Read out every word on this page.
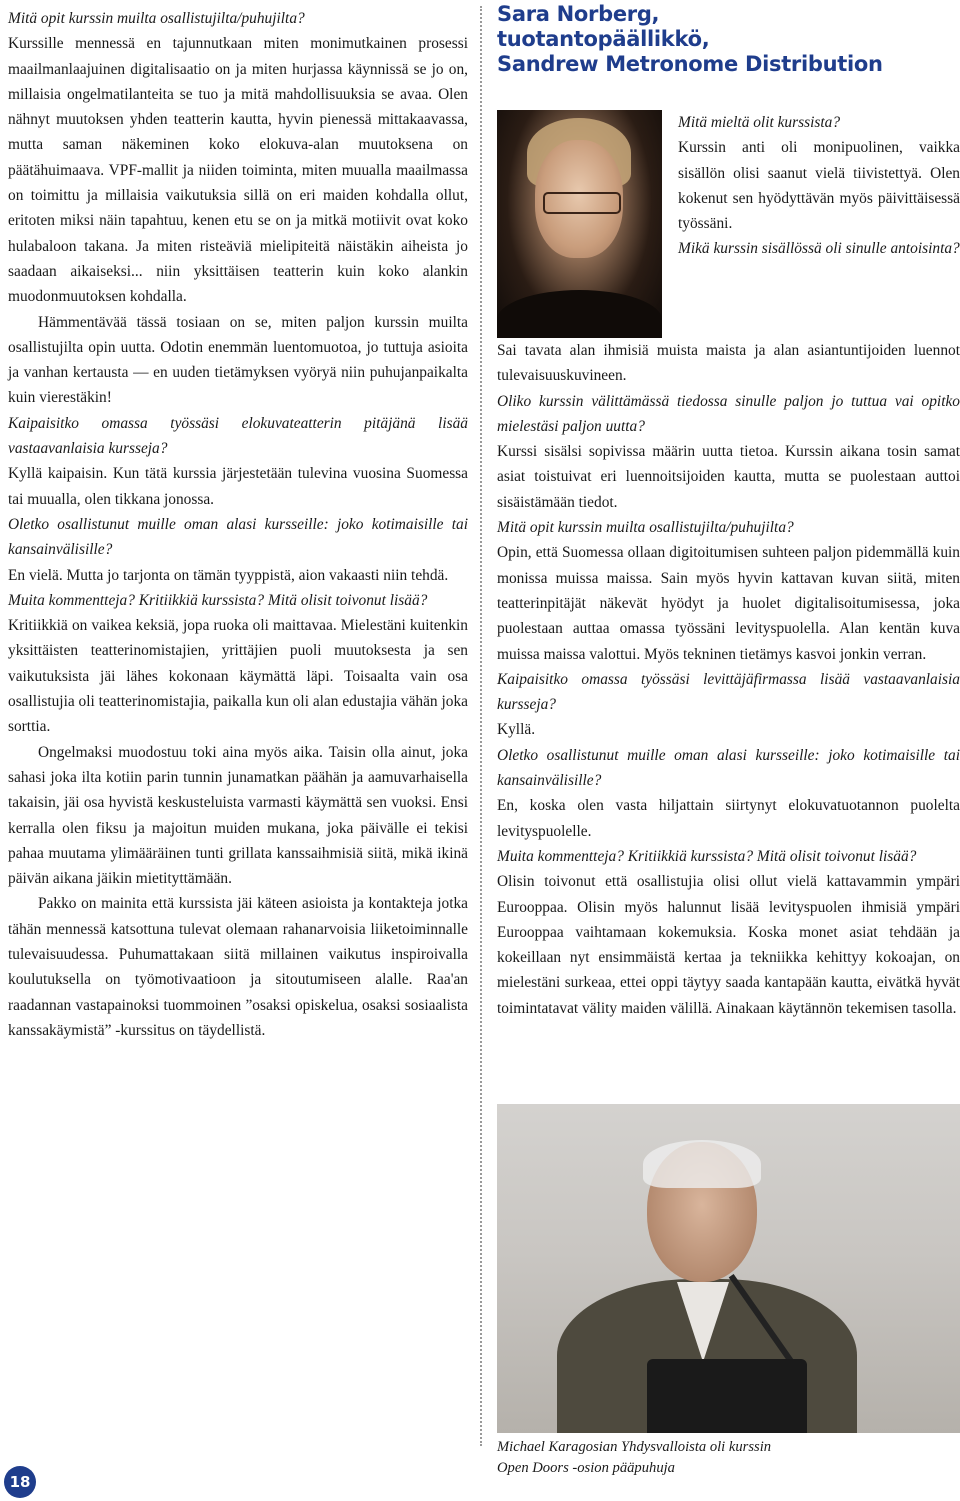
Mitä opit kurssin muilta osallistujilta/puhujilta?

Kurssille mennessä en tajunnutkaan miten monimutkainen prosessi maailmanlaajuinen digitalisaatio on ja miten hurjassa käynnissä se jo on, millaisia ongelmatilanteita se tuo ja mitä mahdollisuuksia se avaa. Olen nähnyt muutoksen yhden teatterin kautta, hyvin pienessä mittakaavassa, mutta saman näkeminen koko elokuva-alan muutoksena on päätähuimaava. VPF-mallit ja niiden toiminta, miten muualla maailmassa on toimittu ja millaisia vaikutuksia sillä on eri maiden kohdalla ollut, eritoten miksi näin tapahtuu, kenen etu se on ja mitkä motiivit ovat koko hulabaloon takana. Ja miten risteäviä mielipiteitä näistäkin aiheista jo saadaan aikaiseksi... niin yksittäisen teatterin kuin koko alankin muodonmuutoksen kohdalla.

Hämmentävää tässä tosiaan on se, miten paljon kurssin muilta osallistujilta opin uutta. Odotin enemmän luentomuotoa, jo tuttuja asioita ja vanhan kertausta — en uuden tietämyksen vyöryä niin puhujanpaikalta kuin vierestäkin!

Kaipaisitko omassa työssäsi elokuvateatterin pitäjänä lisää vastaavanlaisia kursseja?

Kyllä kaipaisin. Kun tätä kurssia järjestetään tulevina vuosina Suomessa tai muualla, olen tikkana jonossa.

Oletko osallistunut muille oman alasi kursseille: joko kotimaisille tai kansainvälisille?

En vielä. Mutta jo tarjonta on tämän tyyppistä, aion vakaasti niin tehdä.

Muita kommentteja? Kritiikkiä kurssista? Mitä olisit toivonut lisää?

Kritiikkiä on vaikea keksiä, jopa ruoka oli maittavaa. Mielestäni kuitenkin yksittäisten teatterinomistajien, yrittäjien puoli muutoksesta ja sen vaikutuksista jäi lähes kokonaan käymättä läpi. Toisaalta vain osa osallistujia oli teatterinomistajia, paikalla kun oli alan edustajia vähän joka sorttia.

Ongelmaksi muodostuu toki aina myös aika. Taisin olla ainut, joka sahasi joka ilta kotiin parin tunnin junamatkan päähän ja aamuvarhaisella takaisin, jäi osa hyvistä keskusteluista varmasti käymättä sen vuoksi. Ensi kerralla olen fiksu ja majoitun muiden mukana, joka päivälle ei tekisi pahaa muutama ylimääräinen tunti grillata kanssaihmisiä siitä, mikä ikinä päivän aikana jäikin mietityttämään.

Pakko on mainita että kurssista jäi käteen asioista ja kontakteja jotka tähän mennessä katsottuna tulevat olemaan rahanarvoisia liiketoiminnalle tulevaisuudessa. Puhumattakaan siitä millainen vaikutus inspiroivalla koulutuksella on työmotivaatioon ja sitoutumiseen alalle. Raa'an raadannan vastapainoksi tuommoinen ”osaksi opiskelua, osaksi sosiaalista kanssakäymistä” -kurssitus on täydellistä.

Sara Norberg,
tuotantopäällikkö,
Sandrew Metronome Distribution

Mitä mieltä olit kurssista?

Kurssin anti oli monipuolinen, vaikka sisällön olisi saanut vielä tiivistettyä. Olen kokenut sen hyödyttävän myös päivittäisessä työssäni.

Mikä kurssin sisällössä oli sinulle antoisinta?

Sai tavata alan ihmisiä muista maista ja alan asiantuntijoiden luennot tulevaisuuskuvineen.

Oliko kurssin välittämässä tiedossa sinulle paljon jo tuttua vai opitko mielestäsi paljon uutta?

Kurssi sisälsi sopivissa määrin uutta tietoa. Kurssin aikana tosin samat asiat toistuivat eri luennoitsijoiden kautta, mutta se puolestaan auttoi sisäistämään tiedot.

Mitä opit kurssin muilta osallistujilta/puhujilta?

Opin, että Suomessa ollaan digitoitumisen suhteen paljon pidemmällä kuin monissa muissa maissa. Sain myös hyvin kattavan kuvan siitä, miten teatterinpitäjät näkevät hyödyt ja huolet digitalisoitumisessa, joka puolestaan auttaa omassa työssäni levityspuolella. Alan kentän kuva muissa maissa valottui. Myös tekninen tietämys kasvoi jonkin verran.

Kaipaisitko omassa työssäsi levittäjäfirmassa lisää vastaavanlaisia kursseja?

Kyllä.

Oletko osallistunut muille oman alasi kursseille: joko kotimaisille tai kansainvälisille?

En, koska olen vasta hiljattain siirtynyt elokuvatuotannon puolelta levityspuolelle.

Muita kommentteja? Kritiikkiä kurssista? Mitä olisit toivonut lisää?

Olisin toivonut että osallistujia olisi ollut vielä kattavammin ympäri Eurooppaa. Olisin myös halunnut lisää levityspuolen ihmisiä ympäri Eurooppaa vaihtamaan kokemuksia. Koska monet asiat tehdään ja kokeillaan nyt ensimmäistä kertaa ja tekniikka kehittyy kokoajan, on mielestäni surkeaa, ettei oppi täytyy saada kantapään kautta, eivätkä hyvät toimintatavat välity maiden välillä. Ainakaan käytännön tekemisen tasolla.

Michael Karagosian Yhdysvalloista oli kurssin
Open Doors -osion pääpuhuja
18
